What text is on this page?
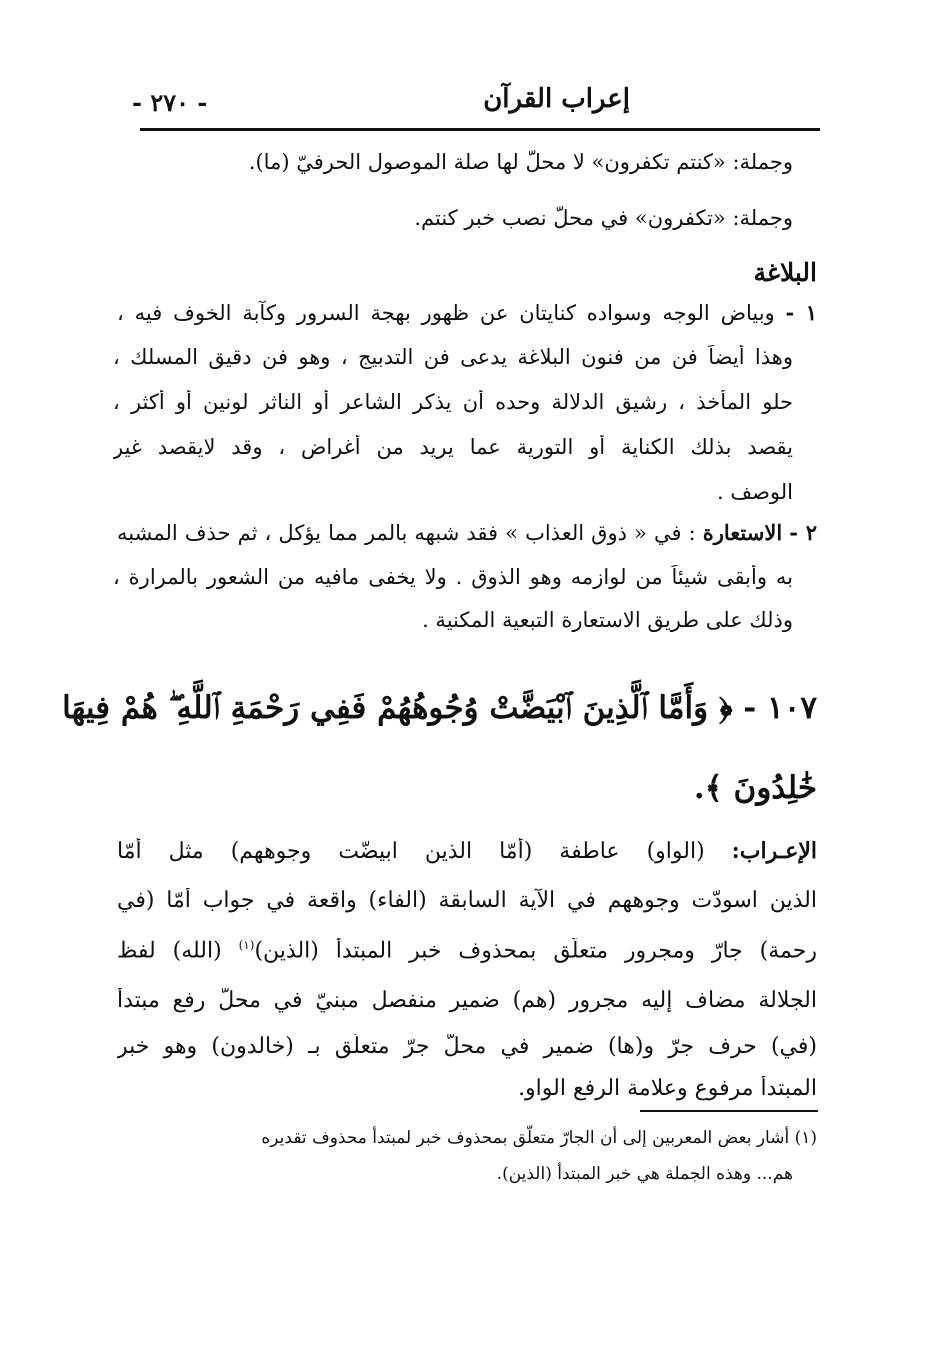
إعراب القرآن
- ٢٧٠ -
وجملة: «كنتم تكفرون» لا محلّ لها صلة الموصول الحرفيّ (ما).
وجملة: «تكفرون» في محلّ نصب خبر كنتم.
البلاغة
١ - وبياض الوجه وسواده كنايتان عن ظهور بهجة السرور وكآبة الخوف فيه ،
وهذا أيضاً فن من فنون البلاغة يدعى فن التدبيج ، وهو فن دقيق المسلك ،
حلو المأخذ ، رشيق الدلالة وحده أن يذكر الشاعر أو الناثر لونين أو أكثر ،
يقصد بذلك الكناية أو التورية عما يريد من أغراض ، وقد لايقصد غير
الوصف .
٢ - الاستعارة : في « ذوق العذاب » فقد شبهه بالمر مما يؤكل ، ثم حذف المشبه
به وأبقى شيئاً من لوازمه وهو الذوق . ولا يخفى مافيه من الشعور بالمرارة ،
وذلك على طريق الاستعارة التبعية المكنية .
١٠٧ - ﴿ وَأَمَّا ٱلَّذِينَ ٱبْيَضَّتْ وُجُوهُهُمْ فَفِي رَحْمَةِ ٱللَّهِ ۖ هُمْ فِيهَا
خَٰلِدُونَ ﴾.
الإعـراب: (الواو) عاطفة (أمّا الذين ابيضّت وجوههم) مثل أمّا
الذين اسودّت وجوههم في الآية السابقة (الفاء) واقعة في جواب أمّا (في
رحمة) جارّ ومجرور متعلّق بمحذوف خبر المبتدأ (الذين)$^{(١)}$ (الله) لفظ
الجلالة مضاف إليه مجرور (هم) ضمير منفصل مبنيّ في محلّ رفع مبتدأ
(في) حرف جرّ و(ها) ضمير في محلّ جرّ متعلّق بـ (خالدون) وهو خبر
المبتدأ مرفوع وعلامة الرفع الواو.
(١) أشار بعض المعربين إلى أن الجارّ متعلّق بمحذوف خبر لمبتدأ محذوف تقديره
هم... وهذه الجملة هي خبر المبتدأ (الذين).
